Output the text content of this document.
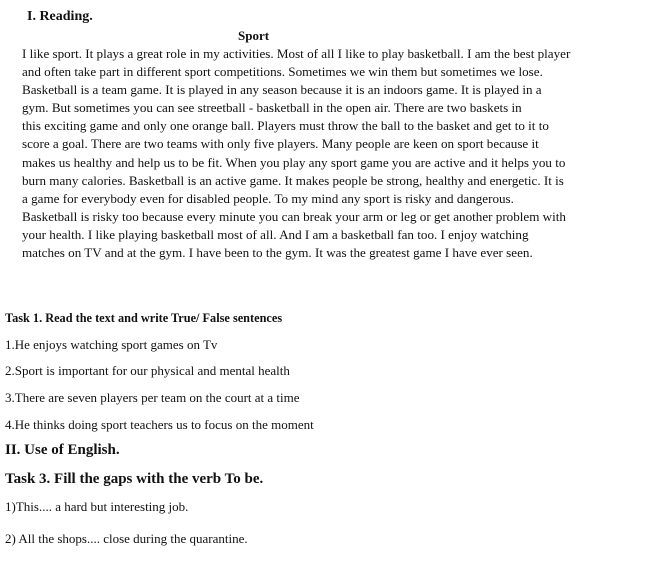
I. Reading.
Sport
I like sport. It plays a great role in my activities. Most of all I like to play basketball. I am the best player
and often take part in different sport competitions. Sometimes we win them but sometimes we lose.
Basketball is a team game. It is played in any season because it is an indoors game. It is played in a
gym. But sometimes you can see streetball - basketball in the open air. There are two baskets in
this exciting game and only one orange ball. Players must throw the ball to the basket and get to it to
score a goal. There are two teams with only five players. Many people are keen on sport because it
makes us healthy and help us to be fit. When you play any sport game you are active and it helps you to
burn many calories. Basketball is an active game. It makes people be strong, healthy and energetic. It is
a game for everybody even for disabled people. To my mind any sport is risky and dangerous.
Basketball is risky too because every minute you can break your arm or leg or get another problem with
your health. I like playing basketball most of all. And I am a basketball fan too. I enjoy watching
matches on TV and at the gym. I have been to the gym. It was the greatest game I have ever seen.
Task 1. Read the text and write True/ False sentences
1.He enjoys watching sport games on Tv
2.Sport is important for our physical and mental health
3.There are seven players per team on the court at a time
4.He thinks doing sport teachers us to focus on the moment
II. Use of English.
Task 3. Fill the gaps with the verb To be.
1)This.... a hard but interesting job.
2) All the shops.... close during the quarantine.
